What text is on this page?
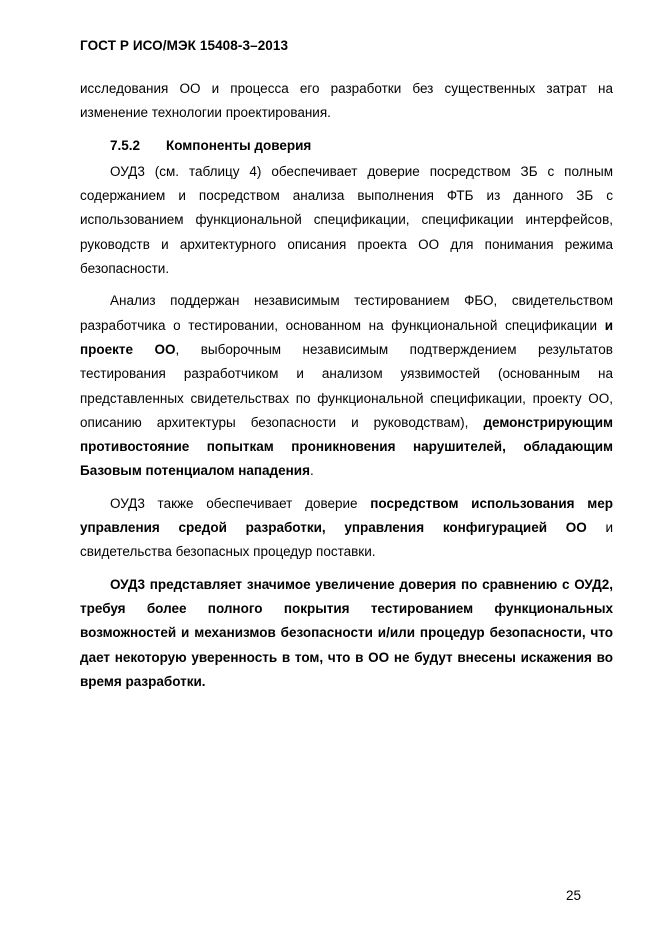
ГОСТ Р ИСО/МЭК 15408-3–2013

исследования ОО и процесса его разработки без существенных затрат на изменение технологии проектирования.

7.5.2 Компоненты доверия

ОУД3 (см. таблицу 4) обеспечивает доверие посредством ЗБ с полным содержанием и посредством анализа выполнения ФТБ из данного ЗБ с использованием функциональной спецификации, спецификации интерфейсов, руководств и архитектурного описания проекта ОО для понимания режима безопасности.

Анализ поддержан независимым тестированием ФБО, свидетельством разработчика о тестировании, основанном на функциональной спецификации и проекте ОО, выборочным независимым подтверждением результатов тестирования разработчиком и анализом уязвимостей (основанным на представленных свидетельствах по функциональной спецификации, проекту ОО, описанию архитектуры безопасности и руководствам), демонстрирующим противостояние попыткам проникновения нарушителей, обладающим Базовым потенциалом нападения.

ОУД3 также обеспечивает доверие посредством использования мер управления средой разработки, управления конфигурацией ОО и свидетельства безопасных процедур поставки.

ОУД3 представляет значимое увеличение доверия по сравнению с ОУД2, требуя более полного покрытия тестированием функциональных возможностей и механизмов безопасности и/или процедур безопасности, что дает некоторую уверенность в том, что в ОО не будут внесены искажения во время разработки.

25
